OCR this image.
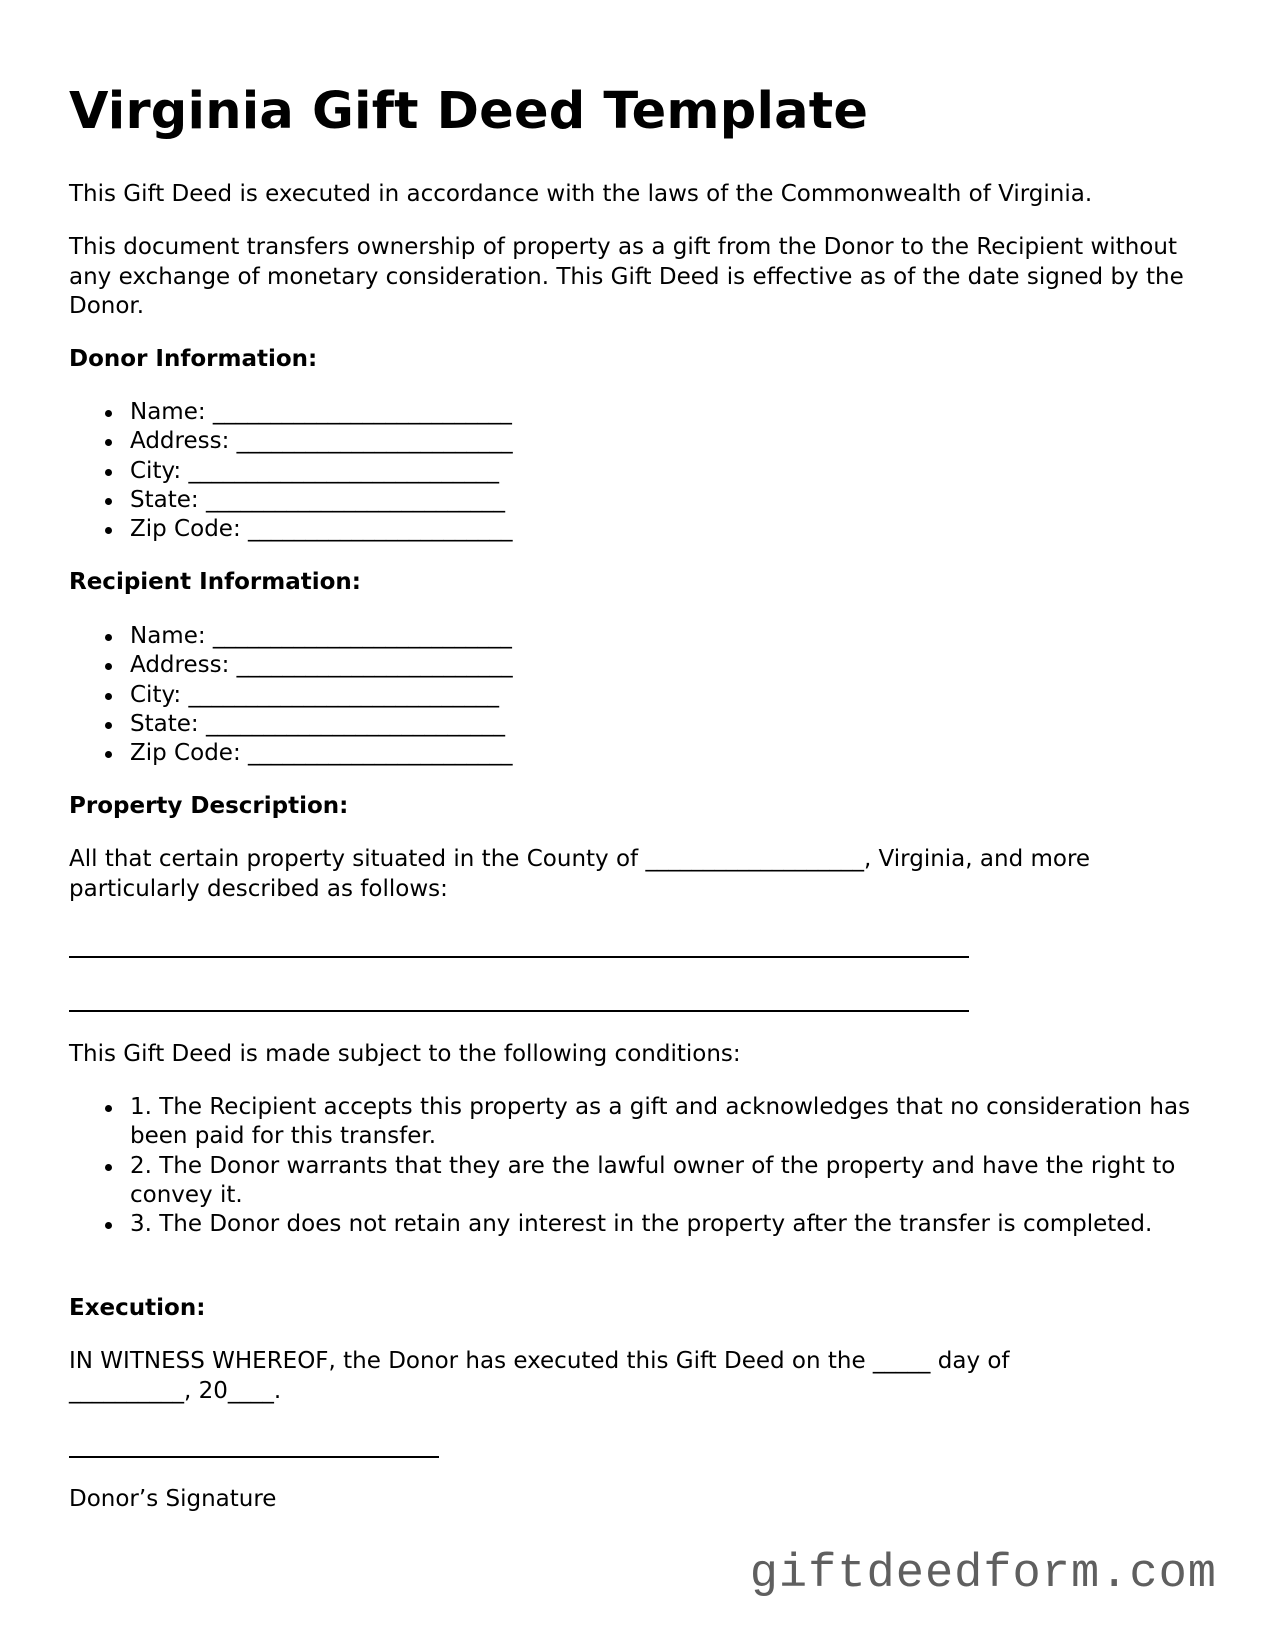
Virginia Gift Deed Template

This Gift Deed is executed in accordance with the laws of the Commonwealth of Virginia.

This document transfers ownership of property as a gift from the Donor to the Recipient without any exchange of monetary consideration. This Gift Deed is effective as of the date signed by the Donor.

Donor Information:

Name: __________________________
Address: ________________________
City: ___________________________
State: __________________________
Zip Code: _______________________

Recipient Information:

Name: __________________________
Address: ________________________
City: ___________________________
State: __________________________
Zip Code: _______________________

Property Description:

All that certain property situated in the County of ___________________, Virginia, and more particularly described as follows:

This Gift Deed is made subject to the following conditions:

1. The Recipient accepts this property as a gift and acknowledges that no consideration has been paid for this transfer.
2. The Donor warrants that they are the lawful owner of the property and have the right to convey it.
3. The Donor does not retain any interest in the property after the transfer is completed.

Execution:

IN WITNESS WHEREOF, the Donor has executed this Gift Deed on the _____ day of __________, 20____.

Donor’s Signature

giftdeedform.com
